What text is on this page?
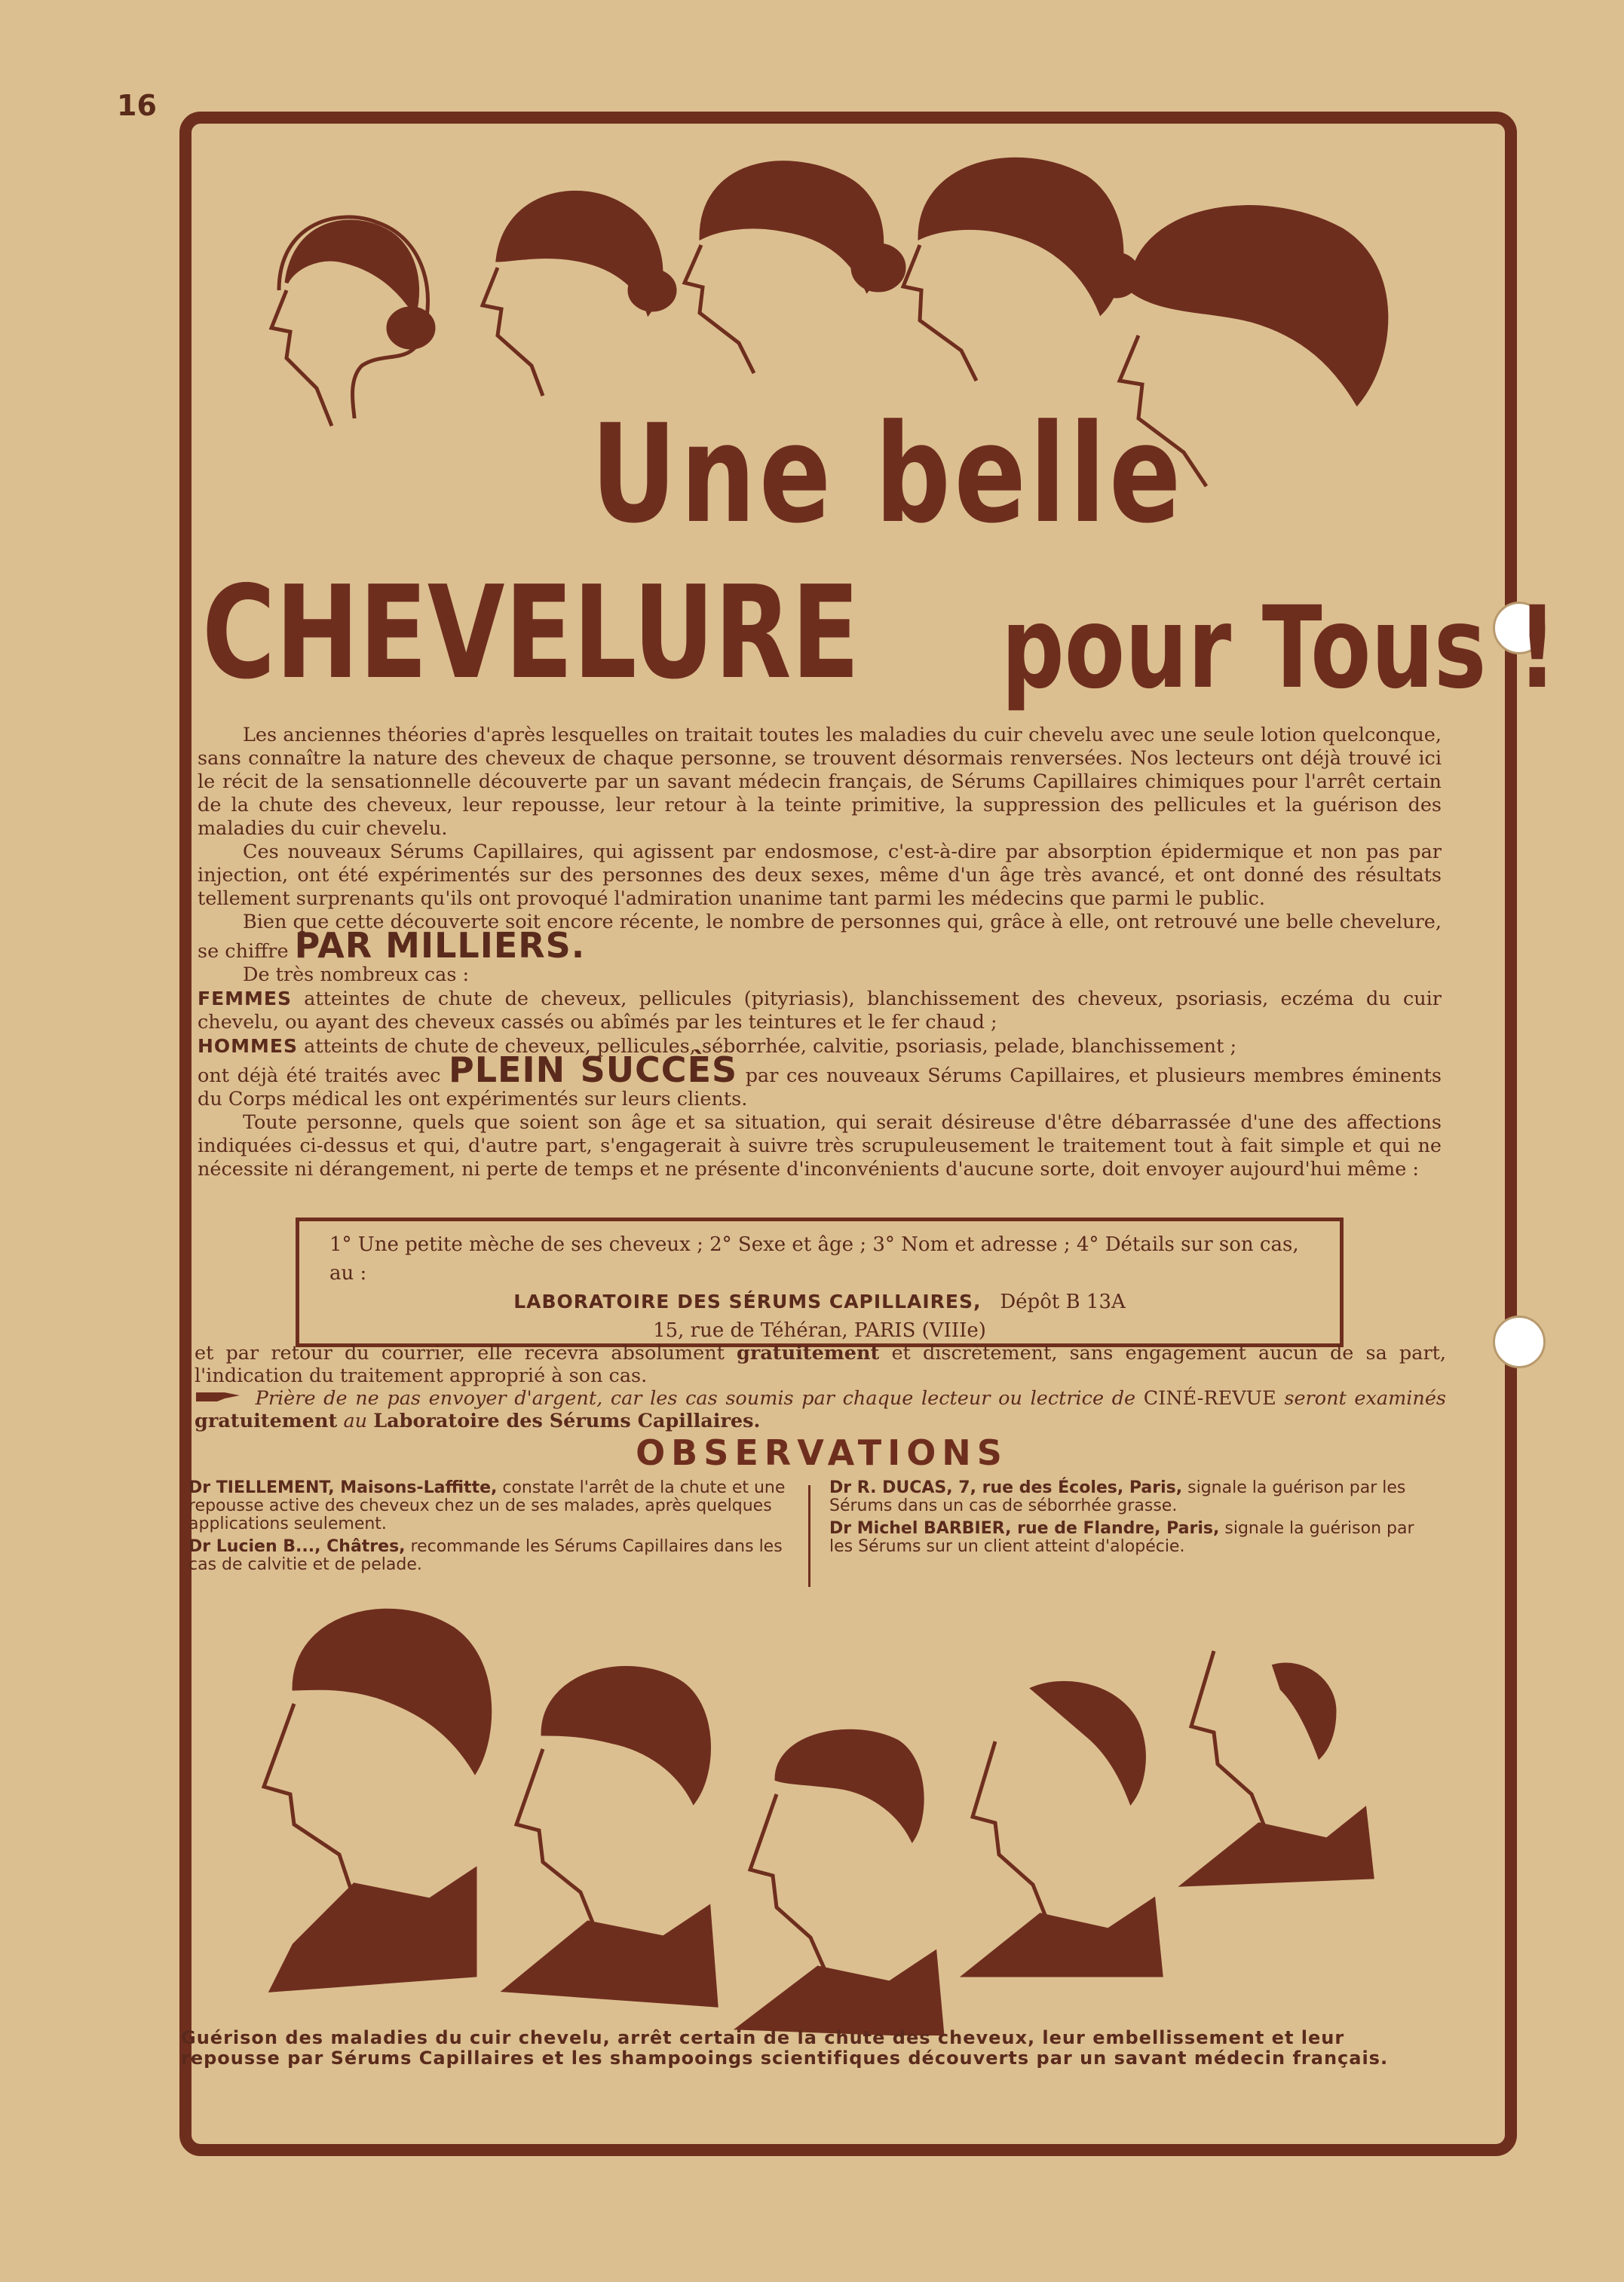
16
Une belle
CHEVELURE pour Tous !

Les anciennes théories d'après lesquelles on traitait toutes les maladies du cuir chevelu avec une seule lotion quelconque, sans connaître la nature des cheveux de chaque personne, se trouvent désormais renversées. Nos lecteurs ont déjà trouvé ici le récit de la sensationnelle découverte par un savant médecin français, de Sérums Capillaires chimiques pour l'arrêt certain de la chute des cheveux, leur repousse, leur retour à la teinte primitive, la suppression des pellicules et la guérison des maladies du cuir chevelu.

Ces nouveaux Sérums Capillaires, qui agissent par endosmose, c'est-à-dire par absorption épidermique et non pas par injection, ont été expérimentés sur des personnes des deux sexes, même d'un âge très avancé, et ont donné des résultats tellement surprenants qu'ils ont provoqué l'admiration unanime tant parmi les médecins que parmi le public.

Bien que cette découverte soit encore récente, le nombre de personnes qui, grâce à elle, ont retrouvé une belle chevelure, se chiffre PAR MILLIERS.

De très nombreux cas :

FEMMES atteintes de chute de cheveux, pellicules (pityriasis), blanchissement des cheveux, psoriasis, eczéma du cuir chevelu, ou ayant des cheveux cassés ou abîmés par les teintures et le fer chaud ;

HOMMES atteints de chute de cheveux, pellicules, séborrhée, calvitie, psoriasis, pelade, blanchissement ;

ont déjà été traités avec PLEIN SUCCÈS par ces nouveaux Sérums Capillaires, et plusieurs membres éminents du Corps médical les ont expérimentés sur leurs clients.

Toute personne, quels que soient son âge et sa situation, qui serait désireuse d'être débarrassée d'une des affections indiquées ci-dessus et qui, d'autre part, s'engagerait à suivre très scrupuleusement le traitement tout à fait simple et qui ne nécessite ni dérangement, ni perte de temps et ne présente d'inconvénients d'aucune sorte, doit envoyer aujourd'hui même :

1° Une petite mèche de ses cheveux ; 2° Sexe et âge ; 3° Nom et adresse ; 4° Détails sur son cas, au :
LABORATOIRE DES SÉRUMS CAPILLAIRES, Dépôt B 13A
15, rue de Téhéran, PARIS (VIIIe)

et par retour du courrier, elle recevra absolument gratuitement et discrètement, sans engagement aucun de sa part, l'indication du traitement approprié à son cas.

Prière de ne pas envoyer d'argent, car les cas soumis par chaque lecteur ou lectrice de CINÉ-REVUE seront examinés gratuitement au Laboratoire des Sérums Capillaires.

OBSERVATIONS

Dr TIELLEMENT, Maisons-Laffitte, constate l'arrêt de la chute et une repousse active des cheveux chez un de ses malades, après quelques applications seulement.

Dr Lucien B..., Châtres, recommande les Sérums Capillaires dans les cas de calvitie et de pelade.

Dr R. DUCAS, 7, rue des Écoles, Paris, signale la guérison par les Sérums dans un cas de séborrhée grasse.

Dr Michel BARBIER, rue de Flandre, Paris, signale la guérison par les Sérums sur un client atteint d'alopécie.

Guérison des maladies du cuir chevelu, arrêt certain de la chute des cheveux, leur embellissement et leur repousse par Sérums Capillaires et les shampooings scientifiques découverts par un savant médecin français.
